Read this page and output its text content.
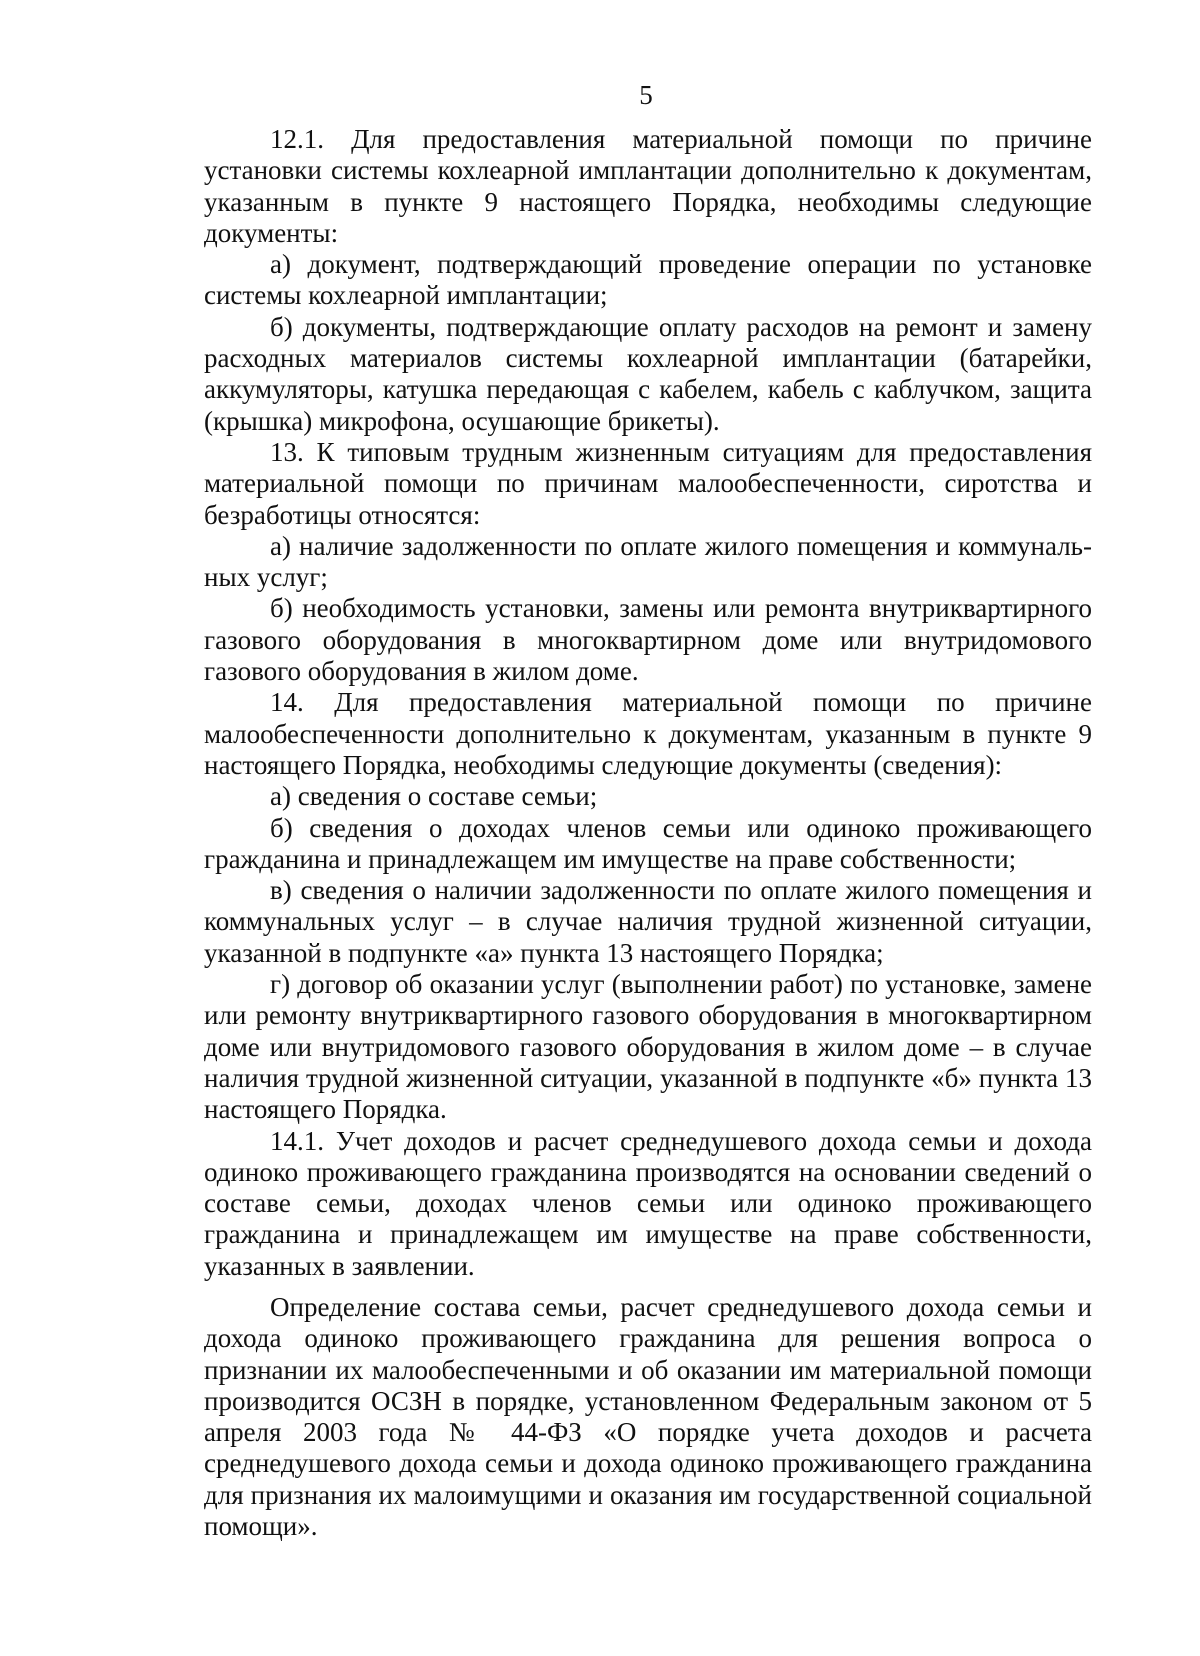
5

12.1. Для предоставления материальной помощи по причине установки системы кохлеарной имплантации дополнительно к документам, указанным в пункте 9 настоящего Порядка, необходимы следующие документы:

а) документ, подтверждающий проведение операции по установке системы кохлеарной имплантации;

б) документы, подтверждающие оплату расходов на ремонт и замену расходных материалов системы кохлеарной имплантации (батарейки, аккумуляторы, катушка передающая с кабелем, кабель с каблучком, защита (крышка) микрофона, осушающие брикеты).

13. К типовым трудным жизненным ситуациям для предоставления материальной помощи по причинам малообеспеченности, сиротства и безработицы относятся:

а) наличие задолженности по оплате жилого помещения и коммунальных услуг;

б) необходимость установки, замены или ремонта внутриквартирного газового оборудования в многоквартирном доме или внутридомового газового оборудования в жилом доме.

14. Для предоставления материальной помощи по причине малообеспеченности дополнительно к документам, указанным в пункте 9 настоящего Порядка, необходимы следующие документы (сведения):

а) сведения о составе семьи;

б) сведения о доходах членов семьи или одиноко проживающего гражданина и принадлежащем им имуществе на праве собственности;

в) сведения о наличии задолженности по оплате жилого помещения и коммунальных услуг – в случае наличия трудной жизненной ситуации, указанной в подпункте «а» пункта 13 настоящего Порядка;

г) договор об оказании услуг (выполнении работ) по установке, замене или ремонту внутриквартирного газового оборудования в многоквартирном доме или внутридомового газового оборудования в жилом доме – в случае наличия трудной жизненной ситуации, указанной в подпункте «б» пункта 13 настоящего Порядка.

14.1. Учет доходов и расчет среднедушевого дохода семьи и дохода одиноко проживающего гражданина производятся на основании сведений о составе семьи, доходах членов семьи или одиноко проживающего гражданина и принадлежащем им имуществе на праве собственности, указанных в заявлении.

Определение состава семьи, расчет среднедушевого дохода семьи и дохода одиноко проживающего гражданина для решения вопроса о признании их малообеспеченными и об оказании им материальной помощи производится ОСЗН в порядке, установленном Федеральным законом от 5 апреля 2003 года № 44-ФЗ «О порядке учета доходов и расчета среднедушевого дохода семьи и дохода одиноко проживающего гражданина для признания их малоимущими и оказания им государственной социальной помощи».
